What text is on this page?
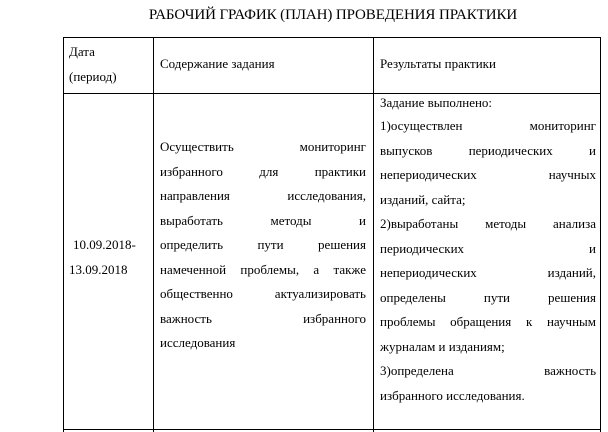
РАБОЧИЙ ГРАФИК (ПЛАН) ПРОВЕДЕНИЯ ПРАКТИКИ
Дата
(период)
Содержание задания	Результаты практики
10.09.2018-
13.09.2018
Осуществить мониторинг
избранного для практики
направления исследования,
выработать методы и
определить пути решения
намеченной проблемы, а также
общественно актуализировать
важность избранного
исследования
Задание выполнено:
1)осуществлен мониторинг
выпусков периодических и
непериодических научных
изданий, сайта;
2)выработаны методы анализа
периодических и
непериодических изданий,
определены пути решения
проблемы обращения к научным
журналам и изданиям;
3)определена важность
избранного исследования.
